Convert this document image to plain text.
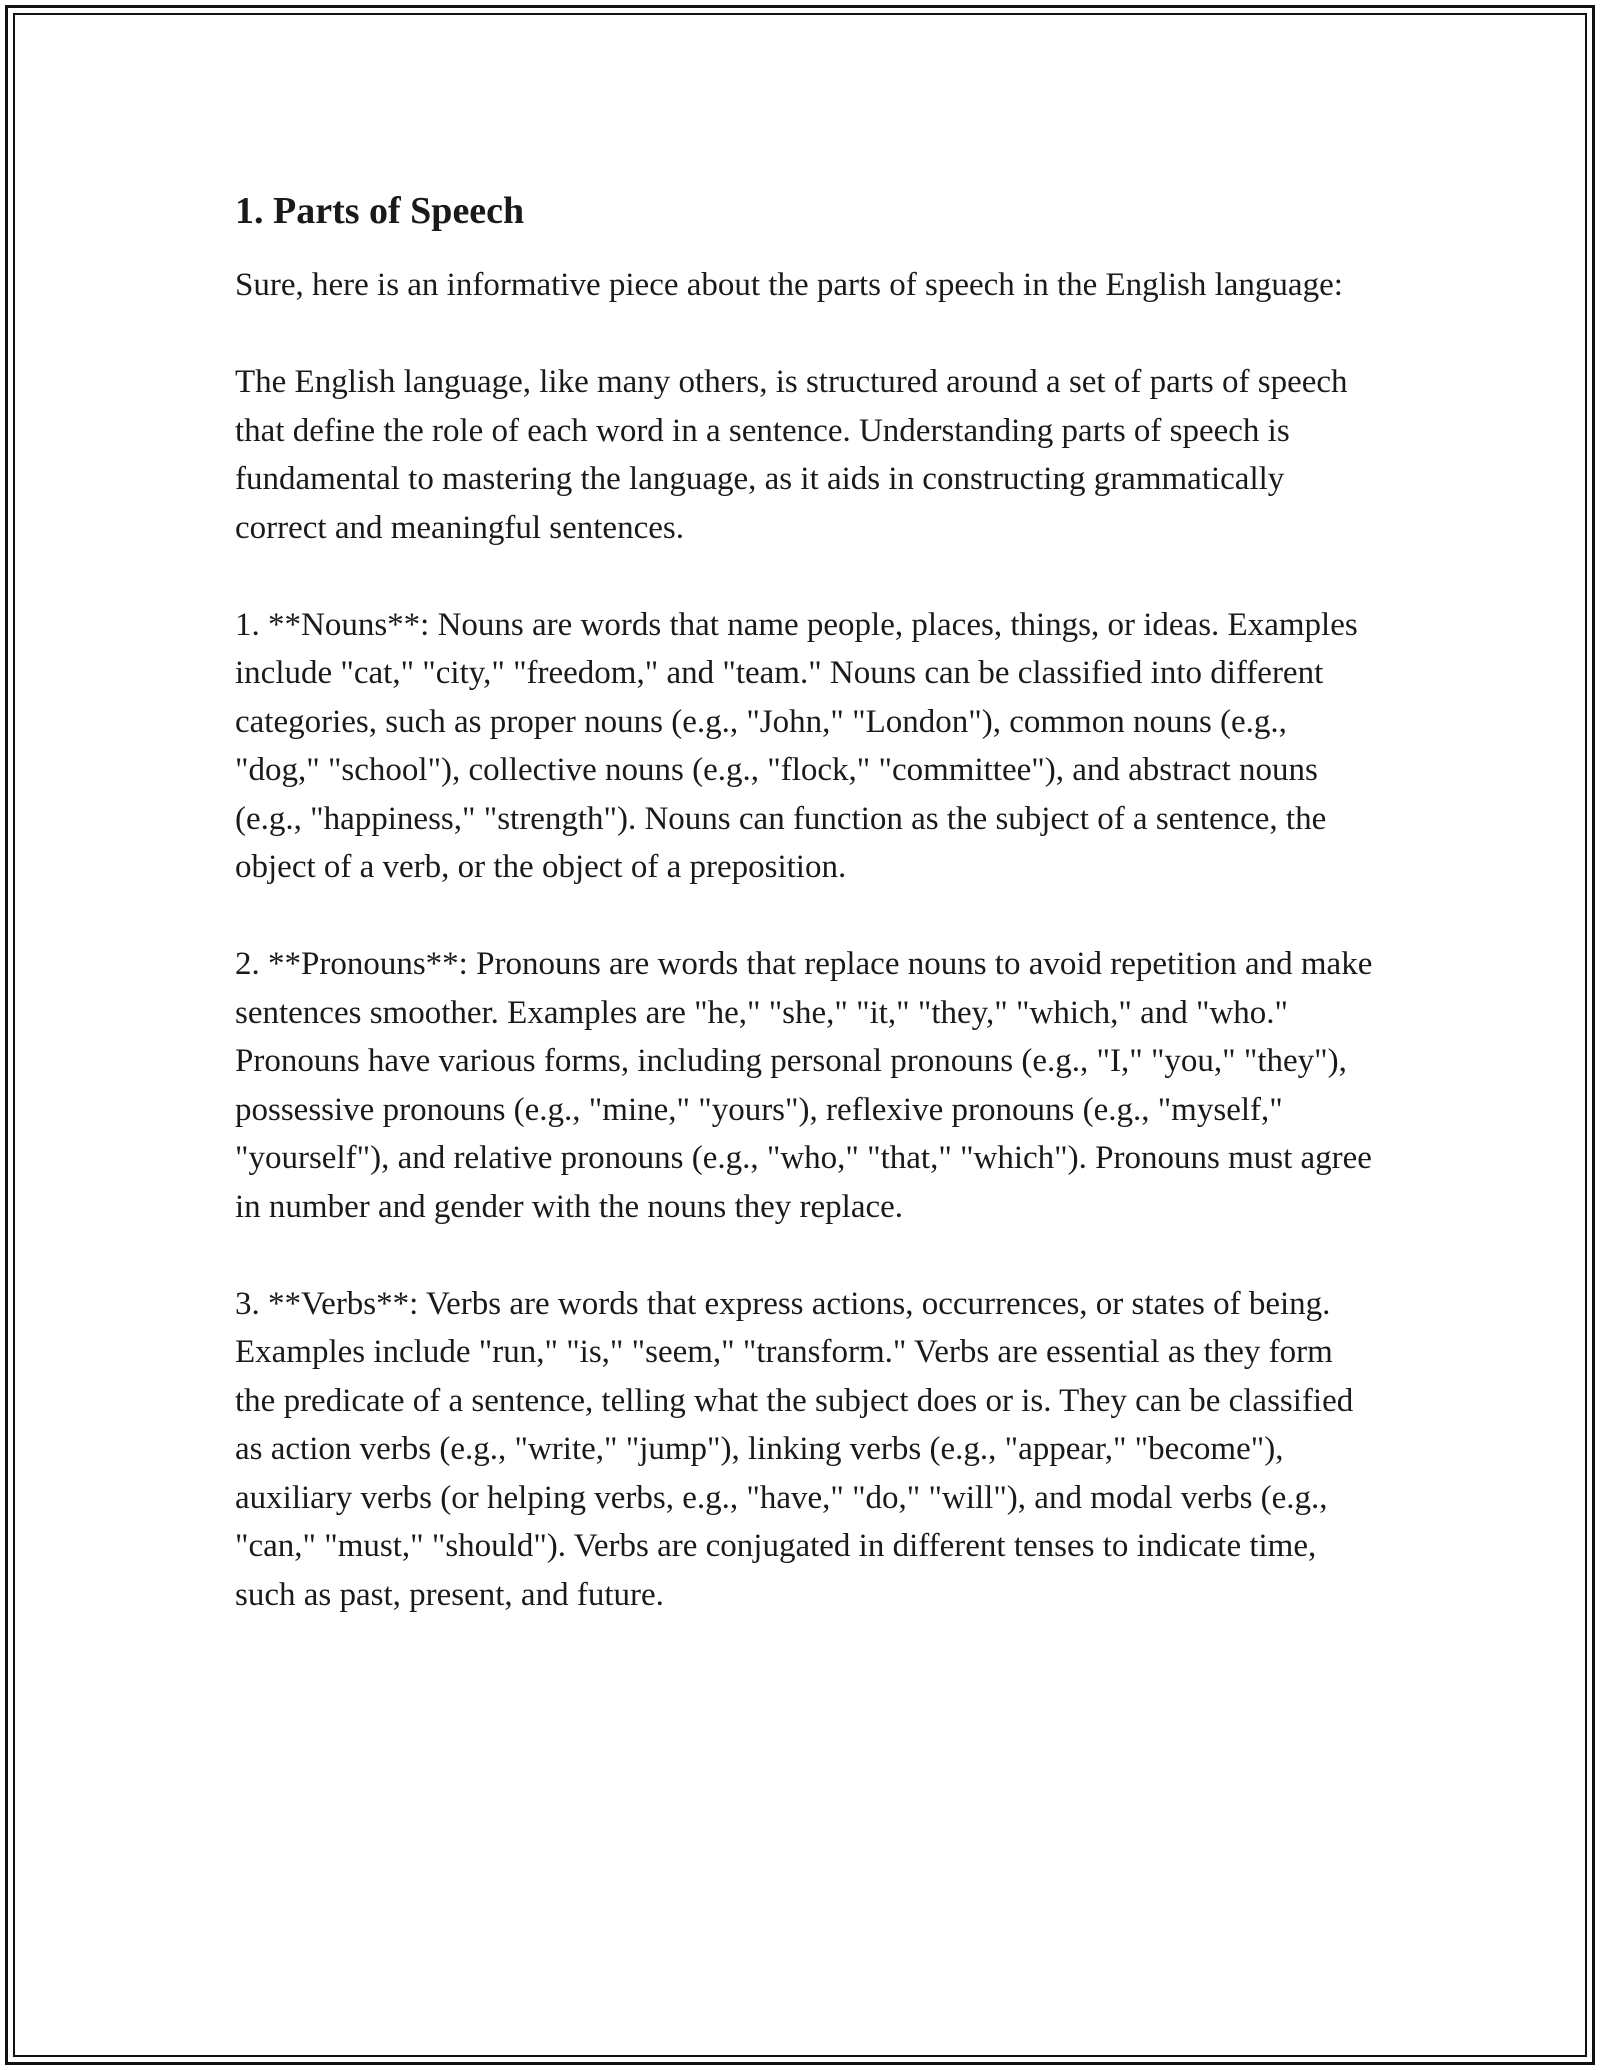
1. Parts of Speech

Sure, here is an informative piece about the parts of speech in the English language:

The English language, like many others, is structured around a set of parts of speech that define the role of each word in a sentence. Understanding parts of speech is fundamental to mastering the language, as it aids in constructing grammatically correct and meaningful sentences.

1. **Nouns**: Nouns are words that name people, places, things, or ideas. Examples include "cat," "city," "freedom," and "team." Nouns can be classified into different categories, such as proper nouns (e.g., "John," "London"), common nouns (e.g., "dog," "school"), collective nouns (e.g., "flock," "committee"), and abstract nouns (e.g., "happiness," "strength"). Nouns can function as the subject of a sentence, the object of a verb, or the object of a preposition.

2. **Pronouns**: Pronouns are words that replace nouns to avoid repetition and make sentences smoother. Examples are "he," "she," "it," "they," "which," and "who." Pronouns have various forms, including personal pronouns (e.g., "I," "you," "they"), possessive pronouns (e.g., "mine," "yours"), reflexive pronouns (e.g., "myself," "yourself"), and relative pronouns (e.g., "who," "that," "which"). Pronouns must agree in number and gender with the nouns they replace.

3. **Verbs**: Verbs are words that express actions, occurrences, or states of being. Examples include "run," "is," "seem," "transform." Verbs are essential as they form the predicate of a sentence, telling what the subject does or is. They can be classified as action verbs (e.g., "write," "jump"), linking verbs (e.g., "appear," "become"), auxiliary verbs (or helping verbs, e.g., "have," "do," "will"), and modal verbs (e.g., "can," "must," "should"). Verbs are conjugated in different tenses to indicate time, such as past, present, and future.
